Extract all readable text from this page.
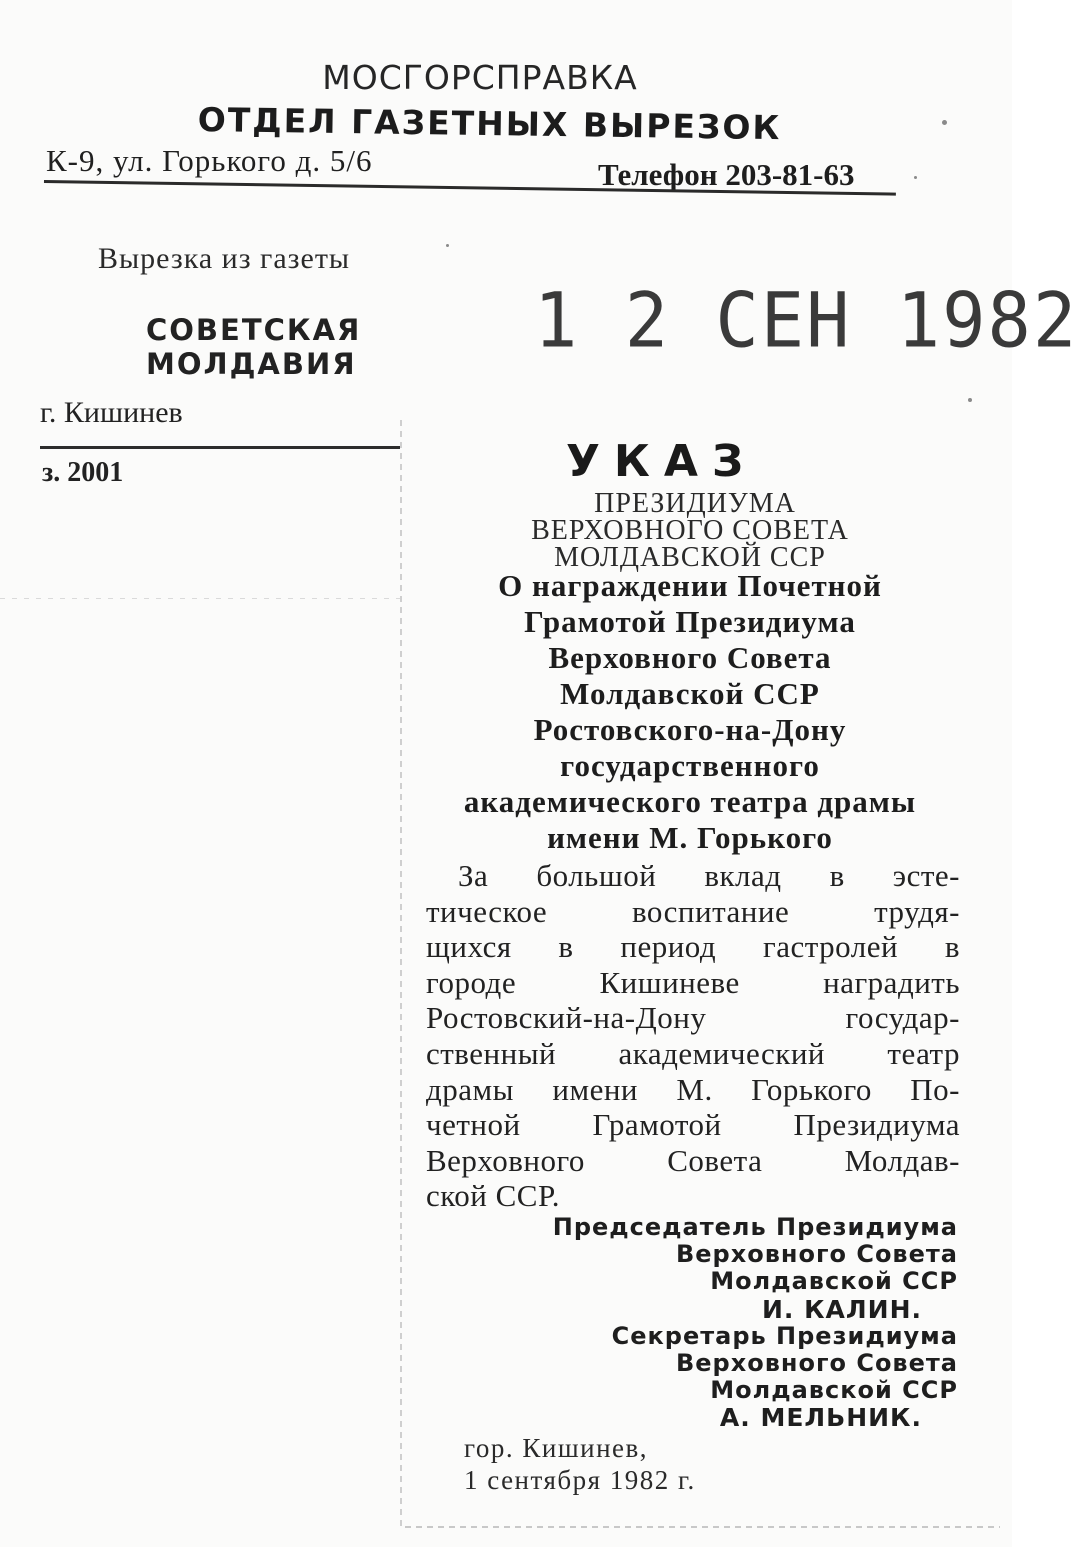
МОСГОРСПРАВКА
ОТДЕЛ ГАЗЕТНЫХ ВЫРЕЗОК
К-9, ул. Горького д. 5/6	Телефон 203-81-63
Вырезка из газеты
СОВЕТСКАЯ
МОЛДАВИЯ
г. Кишинев
з. 2001
1 2 СЕН 1982
УКАЗ
ПРЕЗИДИУМА
ВЕРХОВНОГО СОВЕТА
МОЛДАВСКОЙ ССР
О награждении Почетной
Грамотой Президиума
Верховного Совета
Молдавской ССР
Ростовского-на-Дону
государственного
академического театра драмы
имени М. Горького
За большой вклад в эсте-
тическое воспитание трудя-
щихся в период гастролей в
городе Кишиневе наградить
Ростовский-на-Дону государ-
ственный академический театр
драмы имени М. Горького По-
четной Грамотой Президиума
Верховного Совета Молдав-
ской ССР.
Председатель Президиума
Верховного Совета
Молдавской ССР
И. КАЛИН.
Секретарь Президиума
Верховного Совета
Молдавской ССР
А. МЕЛЬНИК.
гор. Кишинев,
1 сентября 1982 г.
